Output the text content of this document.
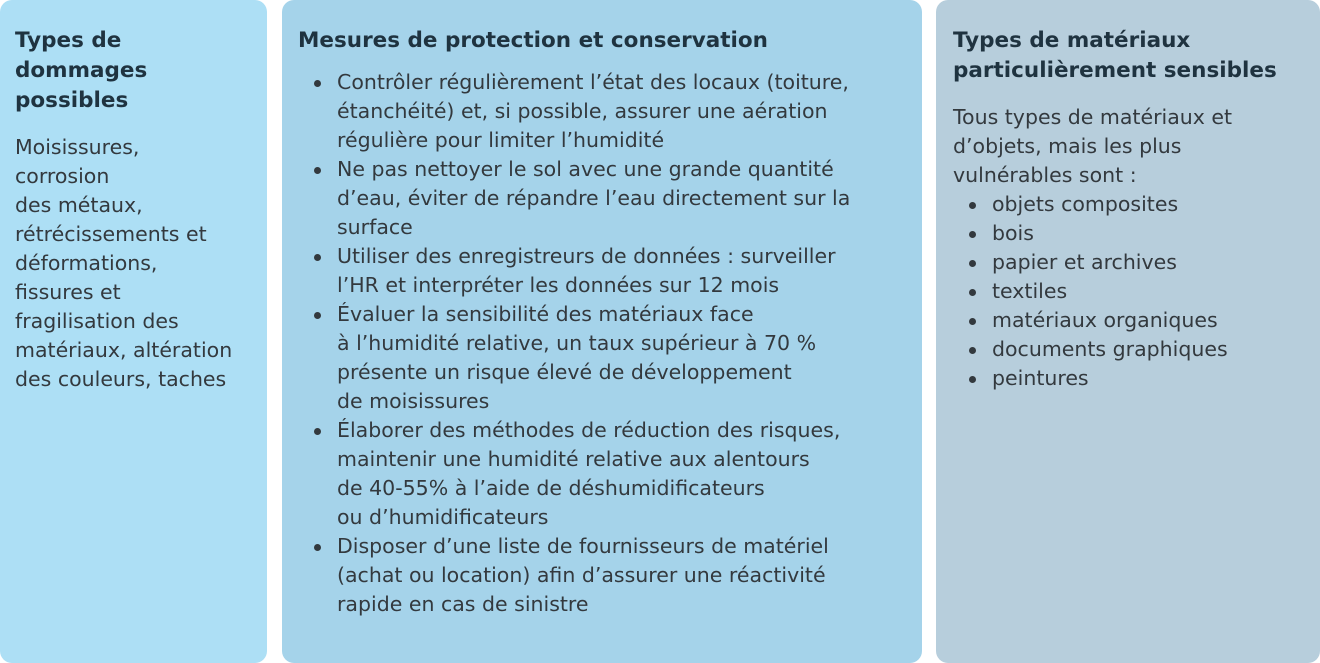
Types de
dommages
possibles

Moisissures,
corrosion
des métaux,
rétrécissements et
déformations,
fissures et
fragilisation des
matériaux, altération
des couleurs, taches

Mesures de protection et conservation
Contrôler régulièrement l’état des locaux (toiture,
étanchéité) et, si possible, assurer une aération
régulière pour limiter l’humidité
Ne pas nettoyer le sol avec une grande quantité
d’eau, éviter de répandre l’eau directement sur la
surface
Utiliser des enregistreurs de données : surveiller
l’HR et interpréter les données sur 12 mois
Évaluer la sensibilité des matériaux face
à l’humidité relative, un taux supérieur à 70 %
présente un risque élevé de développement
de moisissures
Élaborer des méthodes de réduction des risques,
maintenir une humidité relative aux alentours
de 40-55% à l’aide de déshumidificateurs
ou d’humidificateurs
Disposer d’une liste de fournisseurs de matériel
(achat ou location) afin d’assurer une réactivité
rapide en cas de sinistre
Types de matériaux
particulièrement sensibles

Tous types de matériaux et
d’objets, mais les plus
vulnérables sont :

objets composites
bois
papier et archives
textiles
matériaux organiques
documents graphiques
peintures
